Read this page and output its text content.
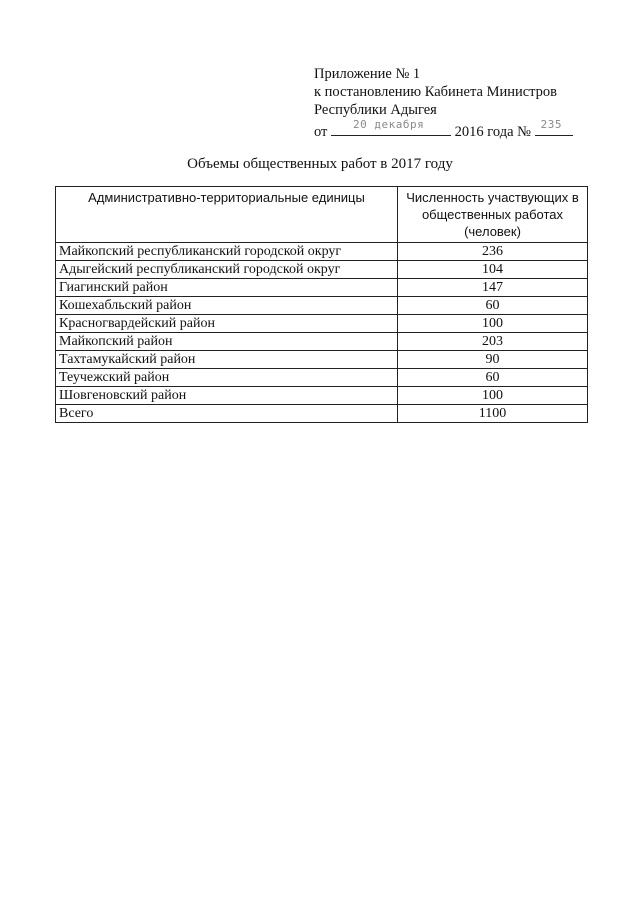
Приложение № 1
к постановлению Кабинета Министров
Республики Адыгея
от 20 декабря 2016 года № 235
Объемы общественных работ в 2017 году
Административно-территориальные единицы	Численность участвующих в общественных работах (человек)
Майкопский республиканский городской округ	236
Адыгейский республиканский городской округ	104
Гиагинский район	147
Кошехабльский район	60
Красногвардейский район	100
Майкопский район	203
Тахтамукайский район	90
Теучежский район	60
Шовгеновский район	100
Всего	1100
